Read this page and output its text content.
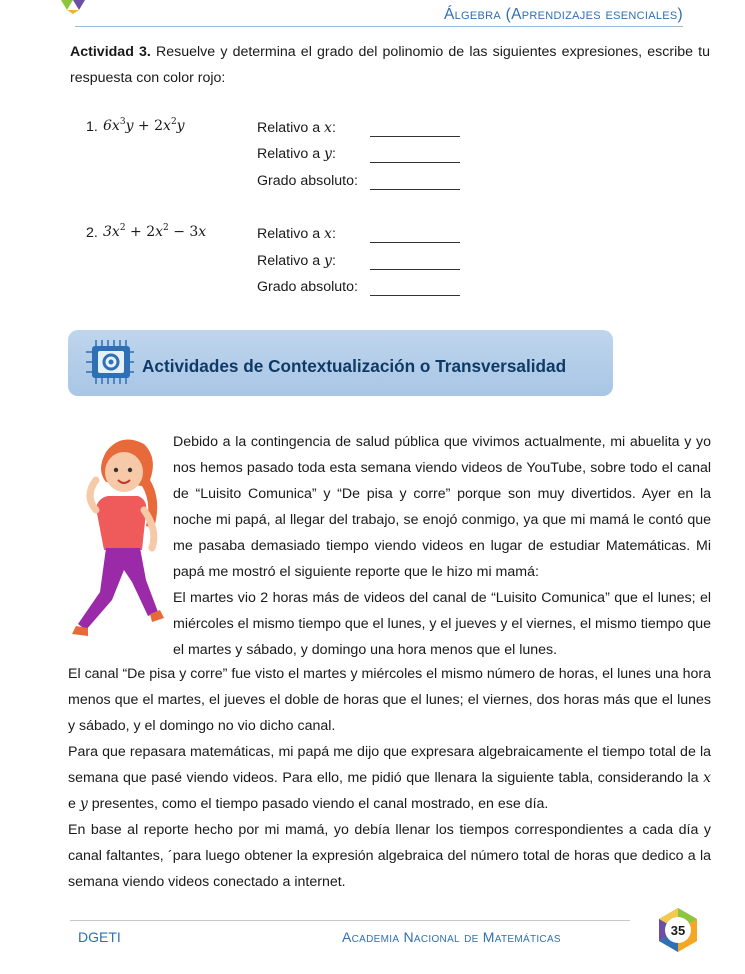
Álgebra (Aprendizajes esenciales)
Actividad 3. Resuelve y determina el grado del polinomio de las siguientes expresiones, escribe tu respuesta con color rojo:
1. $6x^3y + 2x^2y$	Relativo a x:
Relativo a y:
Grado absoluto:
2. $3x^2 + 2x^2 - 3x$	Relativo a x:
Relativo a y:
Grado absoluto:
Actividades de Contextualización o Transversalidad
Debido a la contingencia de salud pública que vivimos actualmente, mi abuelita y yo nos hemos pasado toda esta semana viendo videos de YouTube, sobre todo el canal de “Luisito Comunica” y “De pisa y corre” porque son muy divertidos. Ayer en la noche mi papá, al llegar del trabajo, se enojó conmigo, ya que mi mamá le contó que me pasaba demasiado tiempo viendo videos en lugar de estudiar Matemáticas. Mi papá me mostró el siguiente reporte que le hizo mi mamá:
El martes vio 2 horas más de videos del canal de “Luisito Comunica” que el lunes; el miércoles el mismo tiempo que el lunes, y el jueves y el viernes, el mismo tiempo que el martes y sábado, y domingo una hora menos que el lunes.
El canal “De pisa y corre” fue visto el martes y miércoles el mismo número de horas, el lunes una hora menos que el martes, el jueves el doble de horas que el lunes; el viernes, dos horas más que el lunes y sábado, y el domingo no vio dicho canal.
Para que repasara matemáticas, mi papá me dijo que expresara algebraicamente el tiempo total de la semana que pasé viendo videos. Para ello, me pidió que llenara la siguiente tabla, considerando la x e y presentes, como el tiempo pasado viendo el canal mostrado, en ese día.
En base al reporte hecho por mi mamá, yo debía llenar los tiempos correspondientes a cada día y canal faltantes, ´para luego obtener la expresión algebraica del número total de horas que dedico a la semana viendo videos conectado a internet.
DGETI	Academia Nacional de Matemáticas	35
